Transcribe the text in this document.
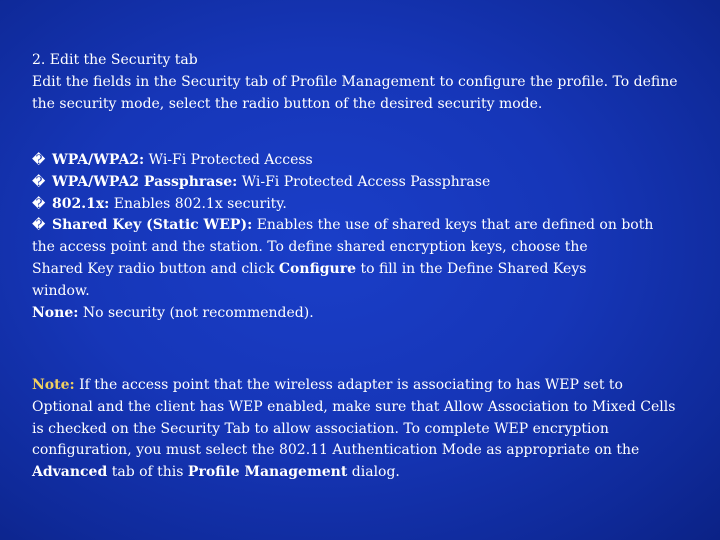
2. Edit the Security tab
Edit the fields in the Security tab of Profile Management to configure the profile. To define
the security mode, select the radio button of the desired security mode.
� WPA/WPA2: Wi-Fi Protected Access
� WPA/WPA2 Passphrase: Wi-Fi Protected Access Passphrase
� 802.1x: Enables 802.1x security.
� Shared Key (Static WEP): Enables the use of shared keys that are defined on both
the access point and the station. To define shared encryption keys, choose the
Shared Key radio button and click Configure to fill in the Define Shared Keys
window.
None: No security (not recommended).
Note: If the access point that the wireless adapter is associating to has WEP set to
Optional and the client has WEP enabled, make sure that Allow Association to Mixed Cells
is checked on the Security Tab to allow association. To complete WEP encryption
configuration, you must select the 802.11 Authentication Mode as appropriate on the
Advanced tab of this Profile Management dialog.
